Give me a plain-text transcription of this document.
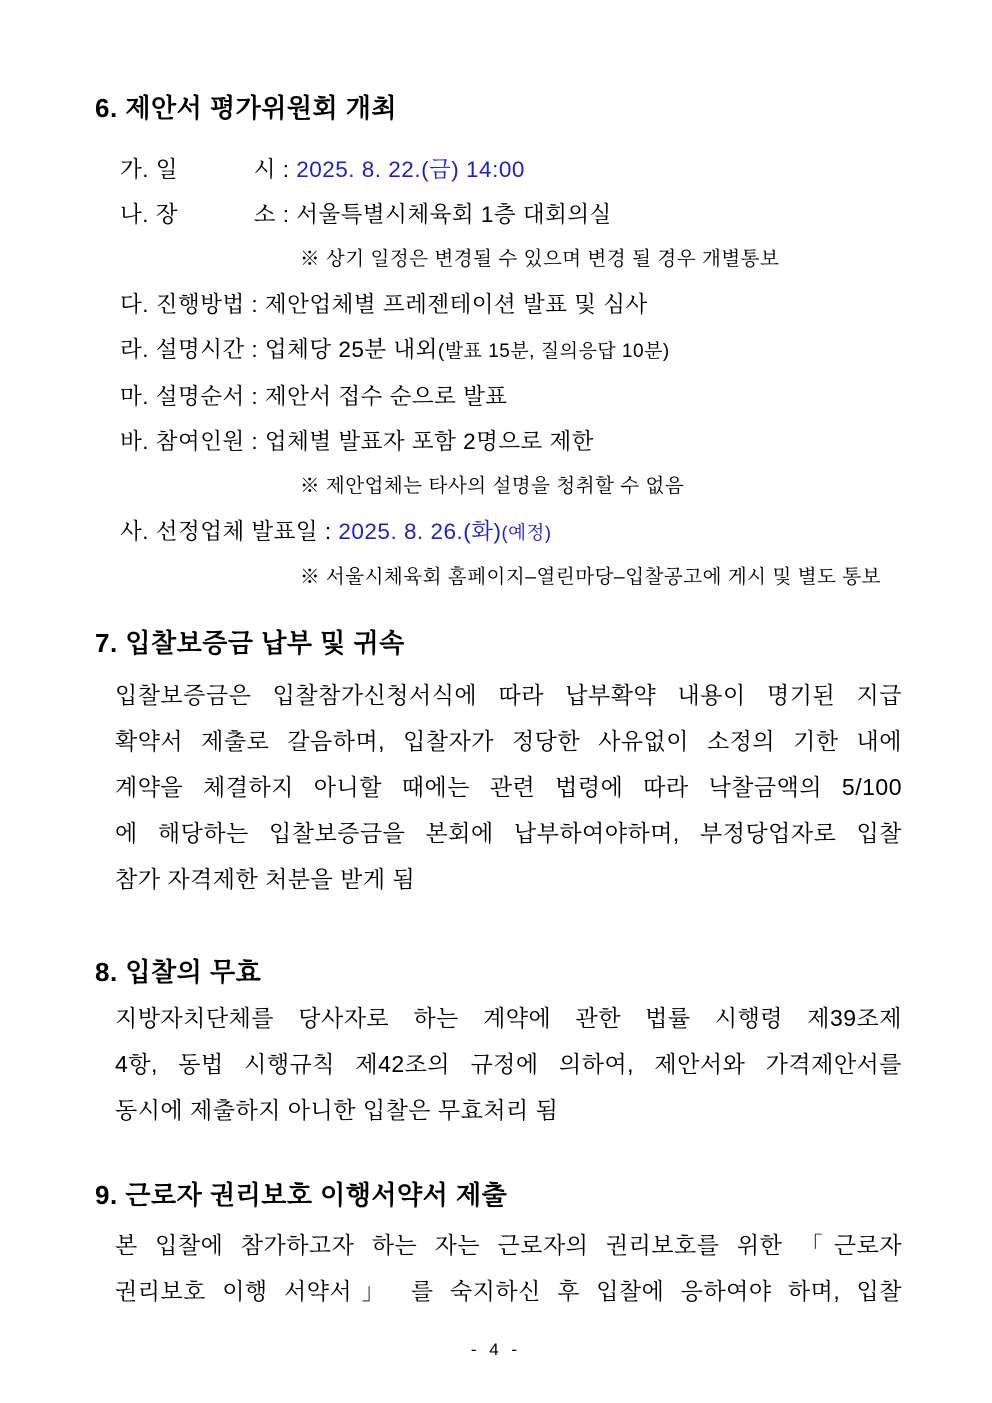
6. 제안서 평가위원회 개최
가. 일　　　 시 : 2025. 8. 22.(금) 14:00
나. 장　　　 소 : 서울특별시체육회 1층 대회의실
※ 상기 일정은 변경될 수 있으며 변경 될 경우 개별통보
다. 진행방법 : 제안업체별 프레젠테이션 발표 및 심사
라. 설명시간 : 업체당 25분 내외(발표 15분, 질의응답 10분)
마. 설명순서 : 제안서 접수 순으로 발표
바. 참여인원 : 업체별 발표자 포함 2명으로 제한
※ 제안업체는 타사의 설명을 청취할 수 없음
사. 선정업체 발표일 : 2025. 8. 26.(화)(예정)
※ 서울시체육회 홈페이지–열린마당–입찰공고에 게시 및 별도 통보
7. 입찰보증금 납부 및 귀속
입찰보증금은 입찰참가신청서식에 따라 납부확약 내용이 명기된 지급
확약서 제출로 갈음하며, 입찰자가 정당한 사유없이 소정의 기한 내에
계약을 체결하지 아니할 때에는 관련 법령에 따라 낙찰금액의 5/100
에 해당하는 입찰보증금을 본회에 납부하여야하며, 부정당업자로 입찰
참가 자격제한 처분을 받게 됨
8. 입찰의 무효
지방자치단체를 당사자로 하는 계약에 관한 법률 시행령 제39조제
4항, 동법 시행규칙 제42조의 규정에 의하여, 제안서와 가격제안서를
동시에 제출하지 아니한 입찰은 무효처리 됨
9. 근로자 권리보호 이행서약서 제출
본 입찰에 참가하고자 하는 자는 근로자의 권리보호를 위한 「근로자
권리보호 이행 서약서」 를 숙지하신 후 입찰에 응하여야 하며, 입찰
- 4 -
